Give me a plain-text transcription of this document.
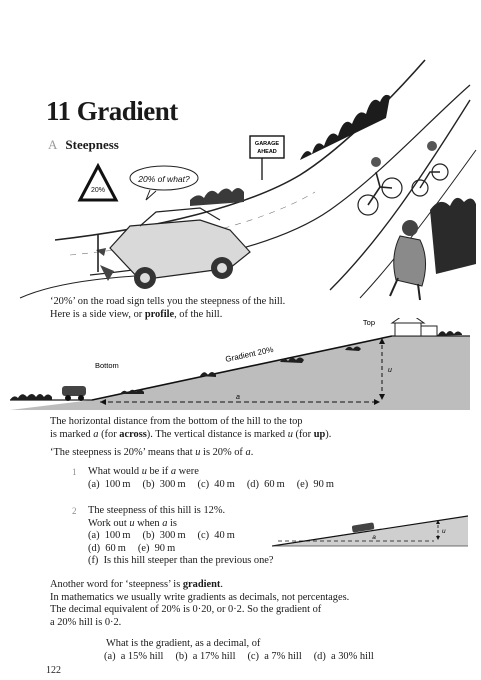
11 Gradient
A Steepness
20%
20% of what?
GARAGE
AHEAD

‘20%’ on the road sign tells you the steepness of the hill.

Here is a side view, or profile, of the hill.

a
u
Top
Bottom
Gradient 20%

The horizontal distance from the bottom of the hill to the top

is marked a (for across). The vertical distance is marked u (for up).

‘The steepness is 20%’ means that u is 20% of a.

1 What would u be if a were
(a) 100 m (b) 300 m (c) 40 m (d) 60 m (e) 90 m
2 The steepness of this hill is 12%.
Work out u when a is
(a) 100 m (b) 300 m (c) 40 m
(d) 60 m (e) 90 m
(f) Is this hill steeper than the previous one?
a
u

Another word for ‘steepness’ is gradient.

In mathematics we usually write gradients as decimals, not percentages.

The decimal equivalent of 20% is 0·20, or 0·2. So the gradient of

a 20% hill is 0·2.

What is the gradient, as a decimal, of
(a) a 15% hill (b) a 17% hill (c) a 7% hill (d) a 30% hill
122
